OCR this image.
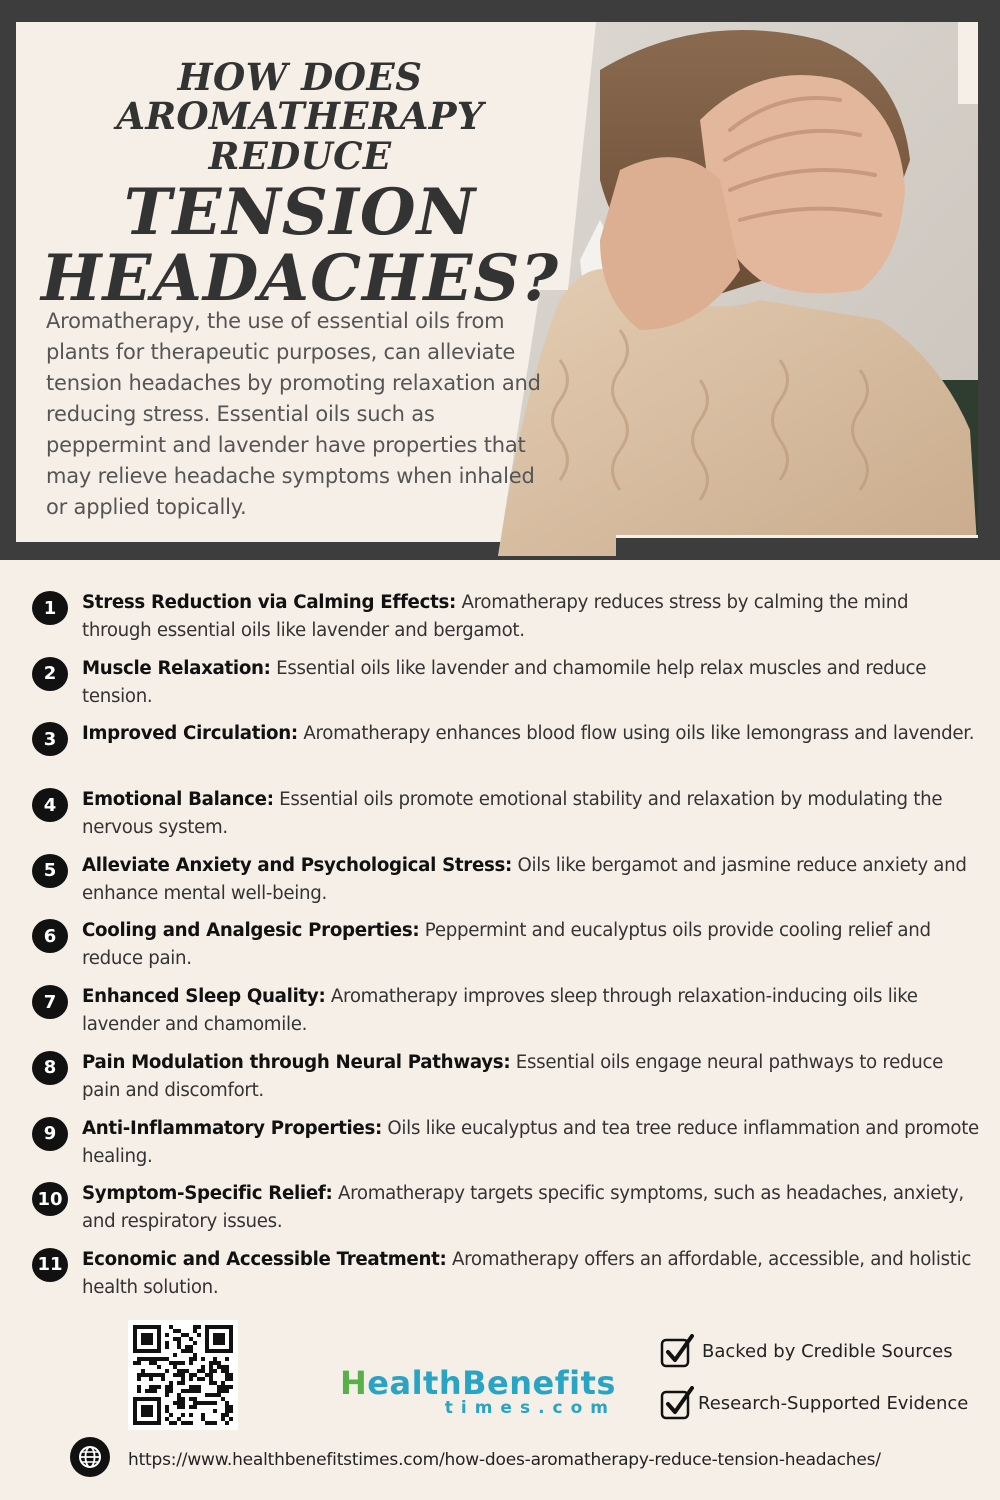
HOW DOES
AROMATHERAPY REDUCE
TENSION
HEADACHES?

Aromatherapy, the use of essential oils from plants for therapeutic purposes, can alleviate tension headaches by promoting relaxation and reducing stress. Essential oils such as peppermint and lavender have properties that may relieve headache symptoms when inhaled or applied topically.

1	Stress Reduction via Calming Effects: Aromatherapy reduces stress by calming the mind through essential oils like lavender and bergamot.
2	Muscle Relaxation: Essential oils like lavender and chamomile help relax muscles and reduce tension.
3	Improved Circulation: Aromatherapy enhances blood flow using oils like lemongrass and lavender.
4	Emotional Balance: Essential oils promote emotional stability and relaxation by modulating the nervous system.
5	Alleviate Anxiety and Psychological Stress: Oils like bergamot and jasmine reduce anxiety and enhance mental well-being.
6	Cooling and Analgesic Properties: Peppermint and eucalyptus oils provide cooling relief and reduce pain.
7	Enhanced Sleep Quality: Aromatherapy improves sleep through relaxation-inducing oils like lavender and chamomile.
8	Pain Modulation through Neural Pathways: Essential oils engage neural pathways to reduce pain and discomfort.
9	Anti-Inflammatory Properties: Oils like eucalyptus and tea tree reduce inflammation and promote healing.
10	Symptom-Specific Relief: Aromatherapy targets specific symptoms, such as headaches, anxiety, and respiratory issues.
11	Economic and Accessible Treatment: Aromatherapy offers an affordable, accessible, and holistic health solution.
HealthBenefits
times.com
Backed by Credible Sources
Research-Supported Evidence
https://www.healthbenefitstimes.com/how-does-aromatherapy-reduce-tension-headaches/
